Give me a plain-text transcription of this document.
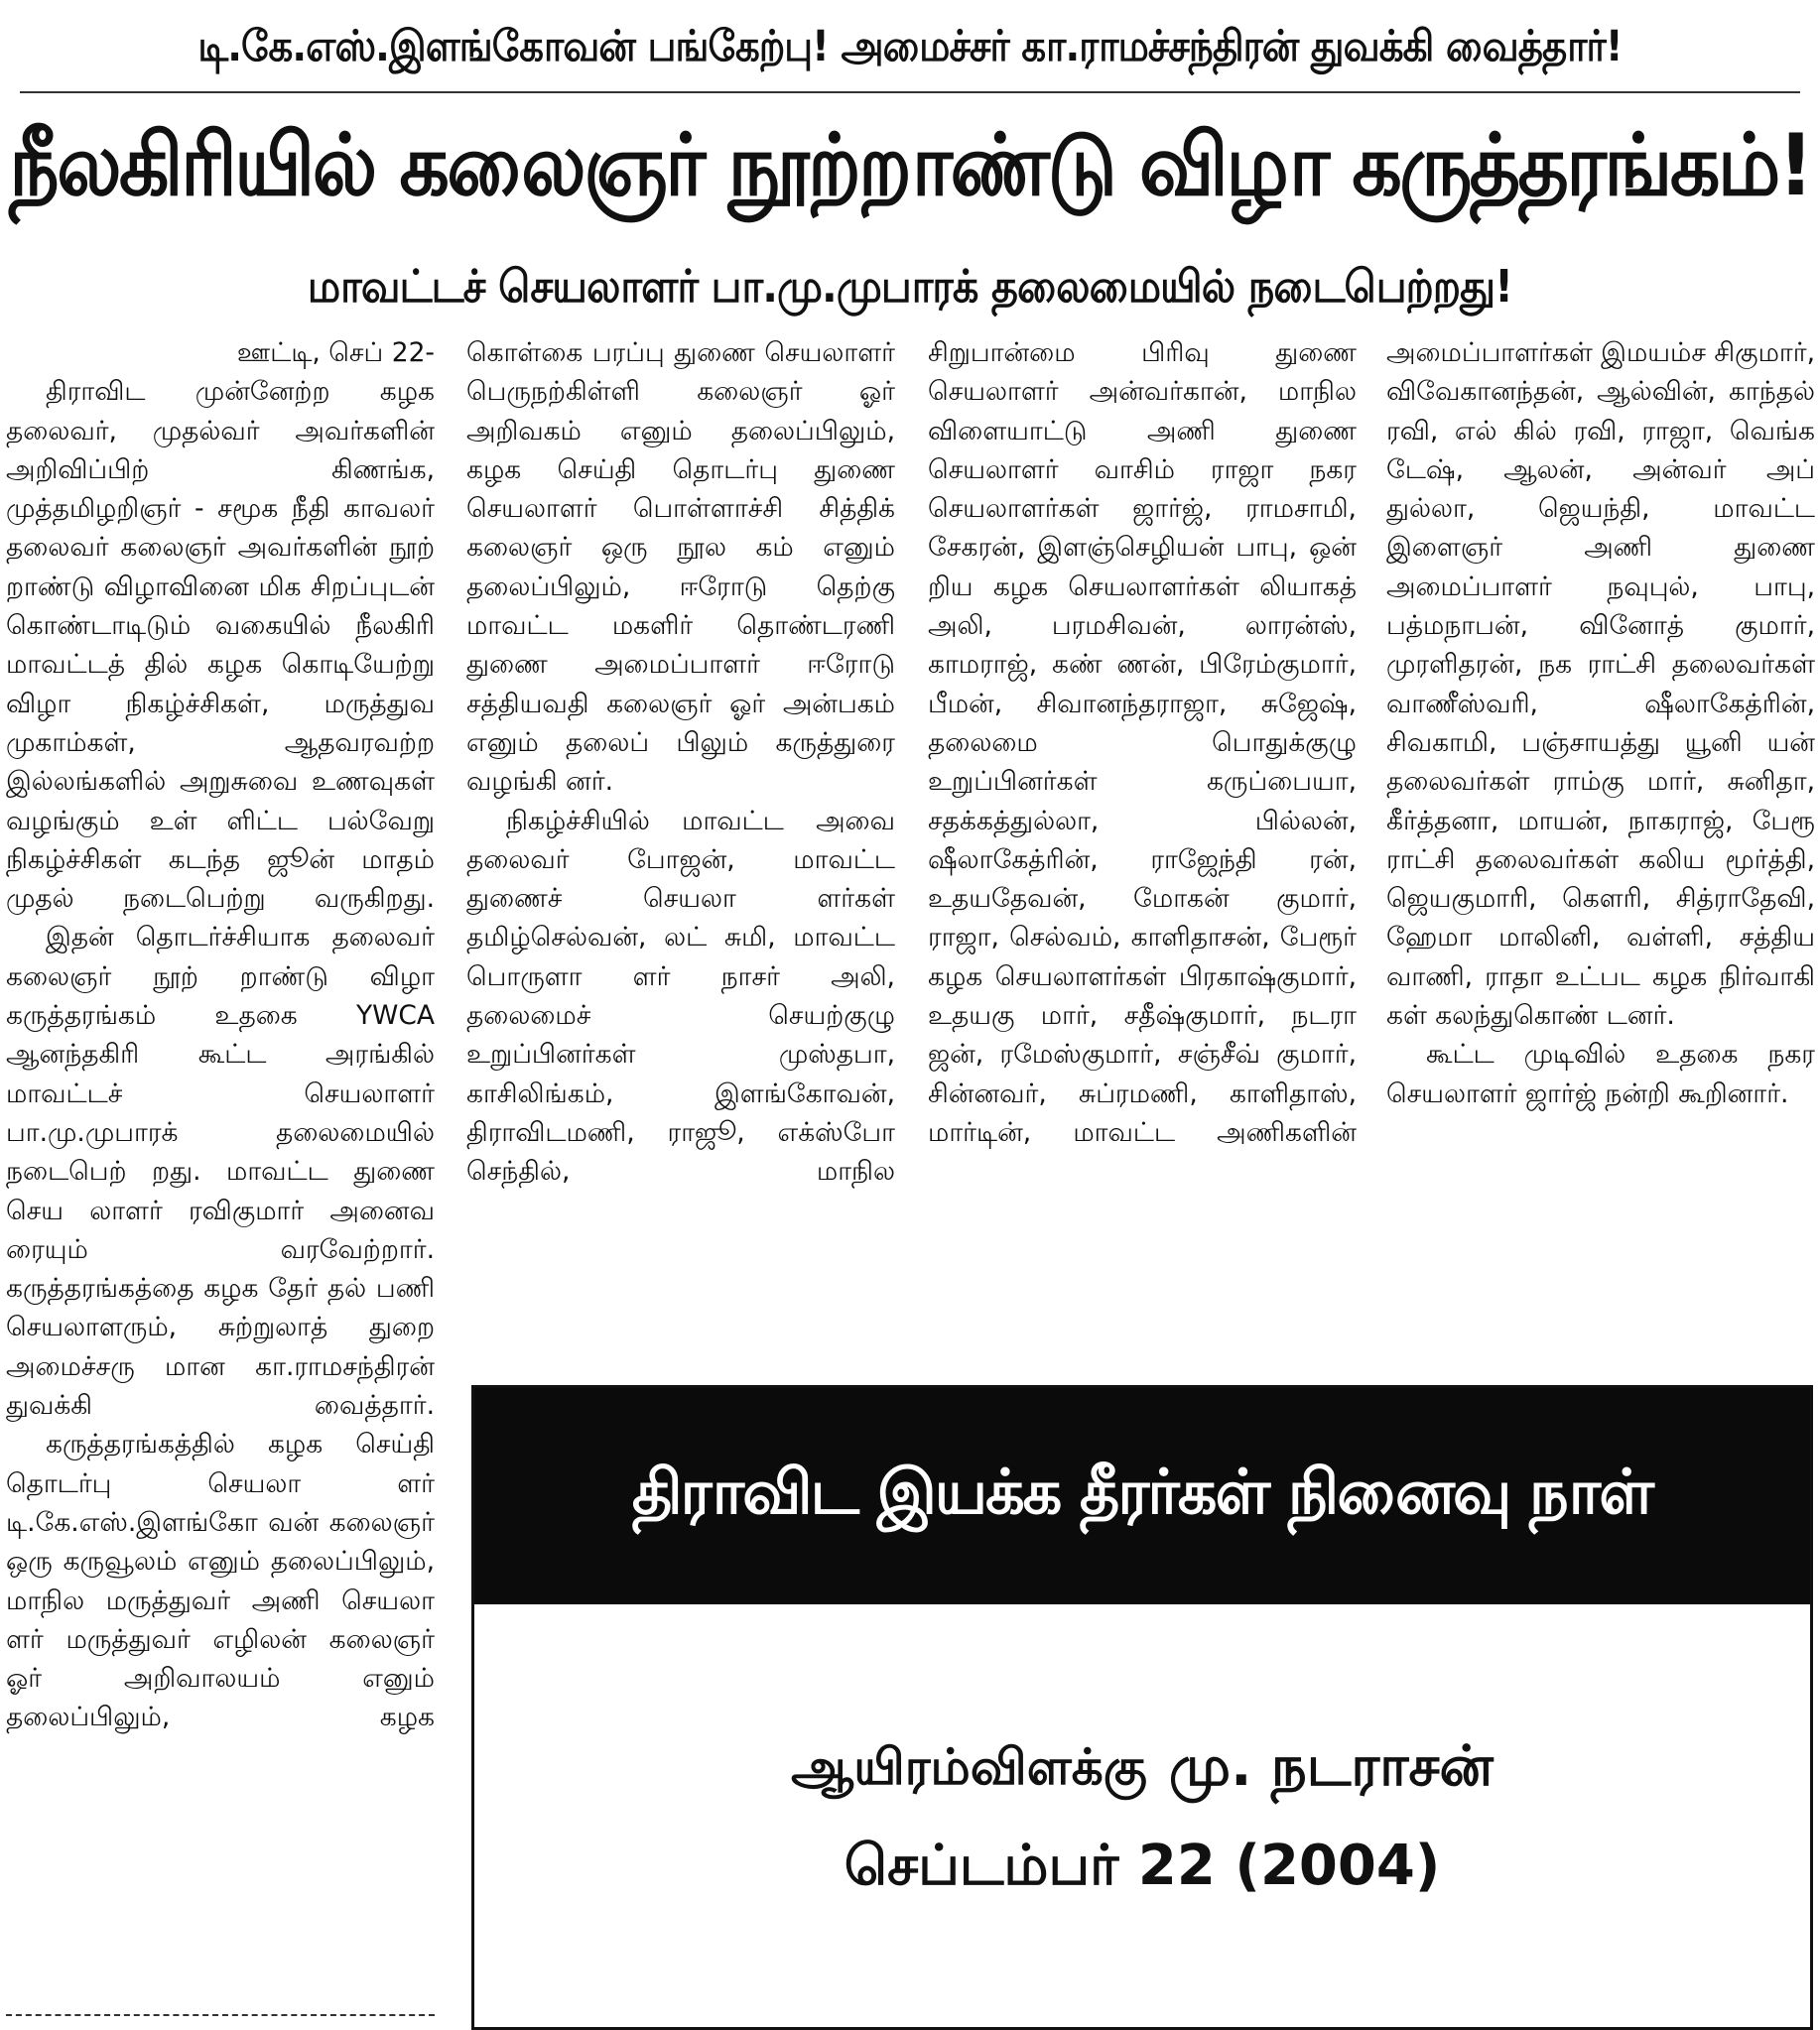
டி.கே.எஸ்.இளங்கோவன் பங்கேற்பு! அமைச்சர் கா.ராமச்சந்திரன் துவக்கி வைத்தார்!
நீலகிரியில் கலைஞர் நூற்றாண்டு விழா கருத்தரங்கம்!
மாவட்டச் செயலாளர் பா.மு.முபாரக் தலைமையில் நடைபெற்றது!

ஊட்டி, செப் 22-

திராவிட முன்னேற்ற கழக தலைவர், முதல்வர் அவர்களின் அறிவிப்பிற் கிணங்க, முத்தமிழறிஞர் - சமூக நீதி காவலர் தலைவர் கலைஞர் அவர்களின் நூற் றாண்டு விழாவினை மிக சிறப்புடன் கொண்டாடிடும் வகையில் நீலகிரி மாவட்டத் தில் கழக கொடியேற்று விழா நிகழ்ச்சிகள், மருத்துவ முகாம்கள், ஆதவரவற்ற இல்லங்களில் அறுசுவை உணவுகள் வழங்கும் உள் ளிட்ட பல்வேறு நிகழ்ச்சிகள் கடந்த ஜூன் மாதம் முதல் நடைபெற்று வருகிறது.

இதன் தொடர்ச்சியாக தலைவர் கலைஞர் நூற் றாண்டு விழா கருத்தரங்கம் உதகை YWCA ஆனந்தகிரி கூட்ட அரங்கில் மாவட்டச் செயலாளர் பா.மு.முபாரக் தலைமையில் நடைபெற் றது. மாவட்ட துணை செய லாளர் ரவிகுமார் அனைவ ரையும் வரவேற்றார். கருத்தரங்கத்தை கழக தேர் தல் பணி செயலாளரும், சுற்றுலாத் துறை அமைச்சரு மான கா.ராமசந்திரன் துவக்கி வைத்தார்.

கருத்தரங்கத்தில் கழக செய்தி தொடர்பு செயலா ளர் டி.கே.எஸ்.இளங்கோ வன் கலைஞர் ஒரு கருவூலம் எனும் தலைப்பிலும், மாநில மருத்துவர் அணி செயலா ளர் மருத்துவர் எழிலன் கலைஞர் ஓர் அறிவாலயம் எனும் தலைப்பிலும், கழக

கொள்கை பரப்பு துணை செயலாளர் பெருநற்கிள்ளி கலைஞர் ஓர் அறிவகம் எனும் தலைப்பிலும், கழக செய்தி தொடர்பு துணை செயலாளர் பொள்ளாச்சி சித்திக் கலைஞர் ஒரு நூல கம் எனும் தலைப்பிலும், ஈரோடு தெற்கு மாவட்ட மகளிர் தொண்டரணி துணை அமைப்பாளர் ஈரோடு சத்தியவதி கலைஞர் ஓர் அன்பகம் எனும் தலைப் பிலும் கருத்துரை வழங்கி னர்.

நிகழ்ச்சியில் மாவட்ட அவை தலைவர் போஜன், மாவட்ட துணைச் செயலா ளர்கள் தமிழ்செல்வன், லட் சுமி, மாவட்ட பொருளா ளர் நாசர் அலி, தலைமைச் செயற்குழு உறுப்பினர்கள் முஸ்தபா, காசிலிங்கம், இளங்கோவன், திராவிடமணி, ராஜூ, எக்ஸ்போ செந்தில், மாநில

சிறுபான்மை பிரிவு துணை செயலாளர் அன்வர்கான், மாநில விளையாட்டு அணி துணை செயலாளர் வாசிம் ராஜா நகர செயலாளர்கள் ஜார்ஜ், ராமசாமி, சேகரன், இளஞ்செழியன் பாபு, ஒன் றிய கழக செயலாளர்கள் லியாகத் அலி, பரமசிவன், லாரன்ஸ், காமராஜ், கண் ணன், பிரேம்குமார், பீமன், சிவானந்தராஜா, சுஜேஷ், தலைமை பொதுக்குழு உறுப்பினர்கள் கருப்பையா, சதக்கத்துல்லா, பில்லன், ஷீலாகேத்ரின், ராஜேந்தி ரன், உதயதேவன், மோகன் குமார், ராஜா, செல்வம், காளிதாசன், பேரூர் கழக செயலாளர்கள் பிரகாஷ்குமார், உதயகு மார், சதீஷ்குமார், நடரா ஜன், ரமேஸ்குமார், சஞ்சீவ் குமார், சின்னவர், சுப்ரமணி, காளிதாஸ், மார்டின், மாவட்ட அணிகளின்

அமைப்பாளர்கள் இமயம்ச சிகுமார், விவேகானந்தன், ஆல்வின், காந்தல் ரவி, எல் கில் ரவி, ராஜா, வெங்க டேஷ், ஆலன், அன்வர் அப் துல்லா, ஜெயந்தி, மாவட்ட இளைஞர் அணி துணை அமைப்பாளர் நவுபுல், பாபு, பத்மநாபன், வினோத் குமார், முரளிதரன், நக ராட்சி தலைவர்கள் வாணீஸ்வரி, ஷீலாகேத்ரின், சிவகாமி, பஞ்சாயத்து யூனி யன் தலைவர்கள் ராம்கு மார், சுனிதா, கீர்த்தனா, மாயன், நாகராஜ், பேரூ ராட்சி தலைவர்கள் கலிய மூர்த்தி, ஜெயகுமாரி, கௌரி, சித்ராதேவி, ஹேமா மாலினி, வள்ளி, சத்திய வாணி, ராதா உட்பட கழக நிர்வாகி கள் கலந்துகொண் டனர்.

கூட்ட முடிவில் உதகை நகர செயலாளர் ஜார்ஜ் நன்றி கூறினார்.

திராவிட இயக்க தீரர்கள் நினைவு நாள்
ஆயிரம்விளக்கு மு. நடராசன்
செப்டம்பர் 22 (2004)
